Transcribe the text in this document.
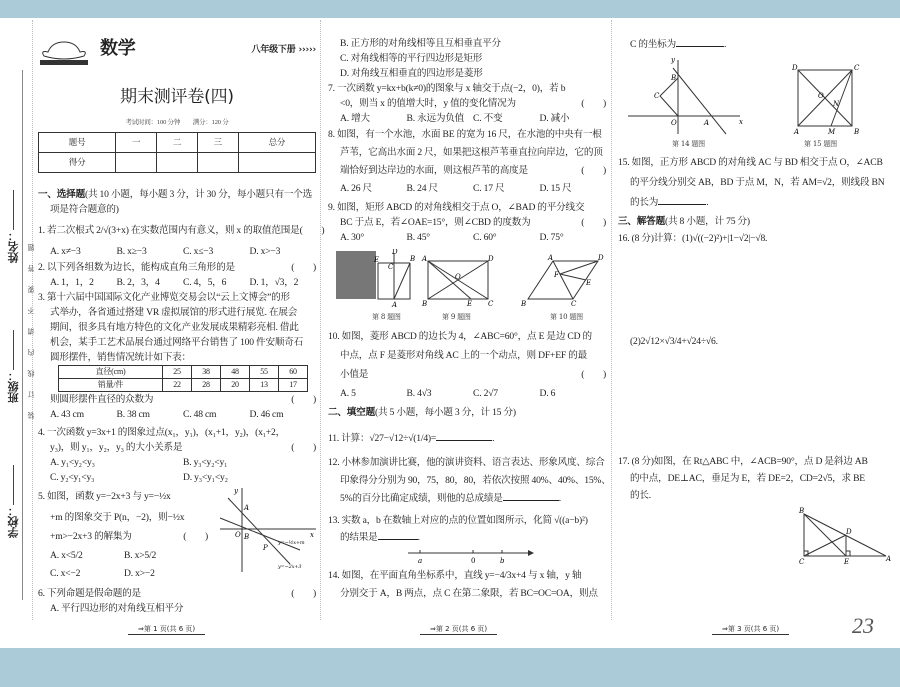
姓名：
班级：
学校：
装订线内请不要答题
数学	八年级下册 ›››››
期末测评卷(四)
考试时间：100 分钟　　满分：120 分
题号	一	二	三	总分
得分				
一、选择题(共 10 小题，每小题 3 分，计 30 分，每小题只有一个选项是符合题意的)
1. 若二次根式 2/√(3+x) 在实数范围内有意义，则 x 的取值范围是(　　)
A. x≠−3	B. x≥−3	C. x≤−3	D. x>−3
2. 以下列各组数为边长，能构成直角三角形的是	(　　)
A. 1，1，2	B. 2，3，4	C. 4，5，6	D. 1，√3，2
3. 第十六届中国国际文化产业博览交易会以“云上文博会”的形
式举办，各省通过搭建 VR 虚拟展馆的形式进行展览. 在展会
期间，很多具有地方特色的文化产业发展成果精彩亮相. 借此
机会，某手工艺术品展台通过网络平台销售了 100 件安顺奇石
圆形摆件，销售情况统计如下表：
直径(cm)	25	38	48	55	60
销量/件	22	28	20	13	17
则圆形摆件直径的众数为	(　　)
A. 43 cm	B. 38 cm	C. 48 cm	D. 46 cm
4. 一次函数 y=3x+1 的图象过点(x₁，y₁)，(x₁+1，y₂)，(x₁+2，
y₃)，则 y₁，y₂，y₃ 的大小关系是	(　　)
A. y₁<y₂<y₃	B. y₃<y₂<y₁
C. y₂<y₁<y₃	D. y₃<y₁<y₂
5. 如图，函数 y=−2x+3 与 y=−½x
+m 的图象交于 P(n，−2)，则−½x
+m>−2x+3 的解集为	(　　)
A. x<5/2	B. x>5/2
C. x<−2	D. x>−2
y
x
A
O B
P
y=−½x+m
y=−2x+3
6. 下列命题是假命题的是	(　　)
A. 平行四边形的对角线互相平分
B. 正方形的对角线相等且互相垂直平分
C. 对角线相等的平行四边形是矩形
D. 对角线互相垂直的四边形是菱形
7. 一次函数 y=kx+b(k≠0)的图象与 x 轴交于点(−2，0)，若 b
<0，则当 x 的值增大时，y 值的变化情况为	(　　)
A. 增大	B. 永远为负值 C. 不变	D. 减小
8. 如图，有一个水池，水面 BE 的宽为 16 尺，在水池的中央有一根
芦苇，它高出水面 2 尺，如果把这根芦苇垂直拉向岸边，它的顶
端恰好到达岸边的水面，则这根芦苇的高度是	(　　)
A. 26 尺	B. 24 尺	C. 17 尺	D. 15 尺
9. 如图，矩形 ABCD 的对角线相交于点 O，∠BAD 的平分线交
BC 于点 E，若∠OAE=15°，则∠CBD 的度数为	(　　)
A. 30°	B. 45°	C. 60°	D. 75°
E
C
D
B
A
第 8 题图
A	D
B	C
E
O
第 9 题图
A	D
B	C
F
E
第 10 题图
10. 如图，菱形 ABCD 的边长为 4，∠ABC=60°，点 E 是边 CD 的
中点，点 F 是菱形对角线 AC 上的一个动点，则 DF+EF 的最
小值是	(　　)
A. 5	B. 4√3	C. 2√7	D. 6
二、填空题(共 5 小题，每小题 3 分，计 15 分)
11. 计算：√27−√12÷√(1/4)=	.
12. 小林参加演讲比赛，他的演讲资料、语言表达、形象风度、综合
印象得分分别为 90，75，80，80，若依次按照 40%、40%、15%、
5%的百分比确定成绩，则他的总成绩是	.
13. 实数 a，b 在数轴上对应的点的位置如图所示，化简 √((a−b)²)
的结果是	.
a	0	b
14. 如图，在平面直角坐标系中，直线 y=−4/3x+4 与 x 轴，y 轴
分别交于 A，B 两点，点 C 在第二象限，若 BC=OC=OA，则点
C 的坐标为	.
y
x
B
C
O	A
第 14 题图
D	C
A	B
M
N
O
第 15 题图
15. 如图，正方形 ABCD 的对角线 AC 与 BD 相交于点 O，∠ACB
的平分线分别交 AB，BD 于点 M，N，若 AM=√2，则线段 BN
的长为	.
三、解答题(共 8 小题，计 75 分)
16. (8 分)计算：(1)√((−2)²)+|1−√2|−√8.
(2)2√12×√3/4+√24÷√6.
17. (8 分)如图，在 Rt△ABC 中，∠ACB=90°，点 D 是斜边 AB
的中点，DE⊥AC，垂足为 E，若 DE=2，CD=2√5，求 BE
的长.
B
D
C	E	A
⇒第 1 页(共 6 页)	⇒第 2 页(共 6 页)	⇒第 3 页(共 6 页)	23
